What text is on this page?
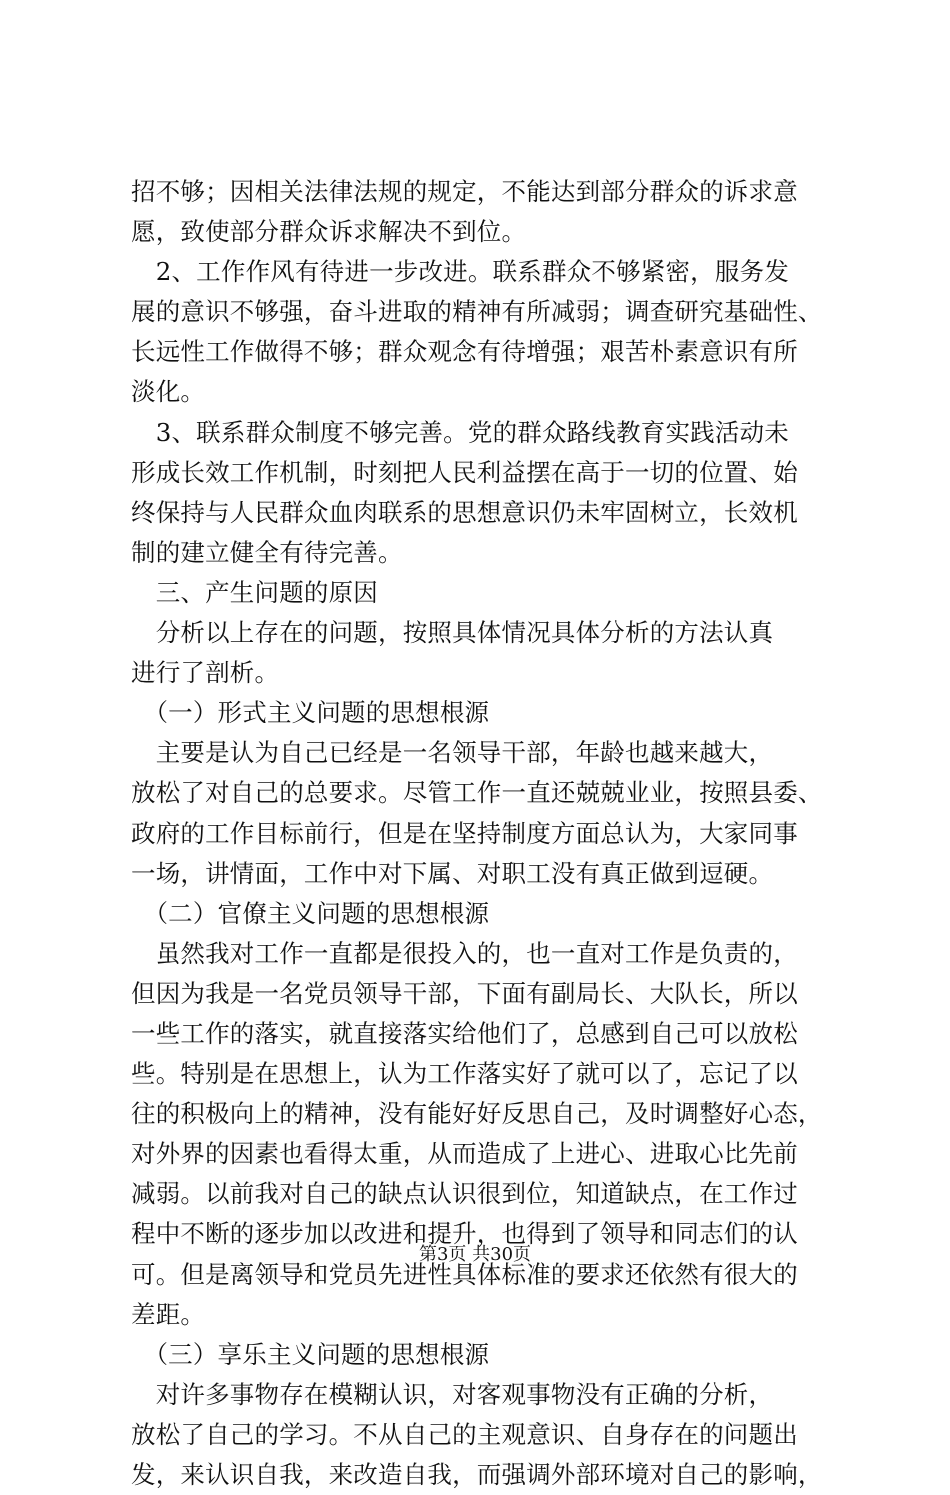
招不够；因相关法律法规的规定，不能达到部分群众的诉求意
愿，致使部分群众诉求解决不到位。
　2、工作作风有待进一步改进。联系群众不够紧密，服务发
展的意识不够强，奋斗进取的精神有所减弱；调查研究基础性、
长远性工作做得不够；群众观念有待增强；艰苦朴素意识有所
淡化。
　3、联系群众制度不够完善。党的群众路线教育实践活动未
形成长效工作机制，时刻把人民利益摆在高于一切的位置、始
终保持与人民群众血肉联系的思想意识仍未牢固树立，长效机
制的建立健全有待完善。
　三、产生问题的原因
　分析以上存在的问题，按照具体情况具体分析的方法认真
进行了剖析。
　（一）形式主义问题的思想根源
　主要是认为自己已经是一名领导干部，年龄也越来越大，
放松了对自己的总要求。尽管工作一直还兢兢业业，按照县委、
政府的工作目标前行，但是在坚持制度方面总认为，大家同事
一场，讲情面，工作中对下属、对职工没有真正做到逗硬。
　（二）官僚主义问题的思想根源
　虽然我对工作一直都是很投入的，也一直对工作是负责的，
但因为我是一名党员领导干部，下面有副局长、大队长，所以
一些工作的落实，就直接落实给他们了，总感到自己可以放松
些。特别是在思想上，认为工作落实好了就可以了，忘记了以
往的积极向上的精神，没有能好好反思自己，及时调整好心态，
对外界的因素也看得太重，从而造成了上进心、进取心比先前
减弱。以前我对自己的缺点认识很到位，知道缺点，在工作过
程中不断的逐步加以改进和提升，也得到了领导和同志们的认
可。但是离领导和党员先进性具体标准的要求还依然有很大的
差距。
　（三）享乐主义问题的思想根源
　对许多事物存在模糊认识，对客观事物没有正确的分析，
放松了自己的学习。不从自己的主观意识、自身存在的问题出
发，来认识自我，来改造自我，而强调外部环境对自己的影响，
第3页 共30页
